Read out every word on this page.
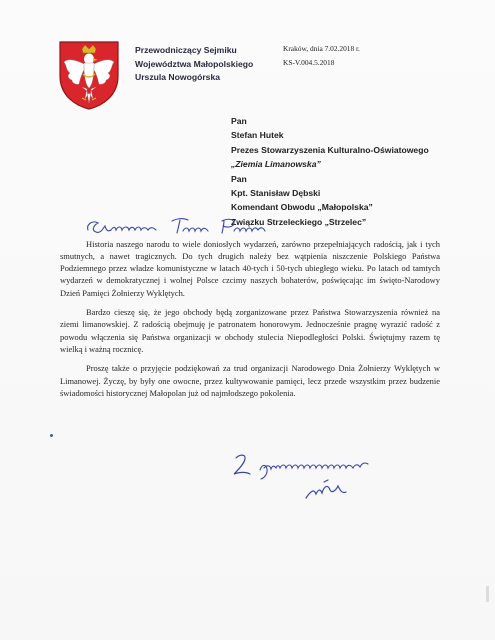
Przewodniczący Sejmiku
Województwa Małopolskiego
Urszula Nowogórska
Kraków, dnia 7.02.2018 r.
KS-V.004.5.2018
Pan
Stefan Hutek
Prezes Stowarzyszenia Kulturalno-Oświatowego
„Ziemia Limanowska”
Pan
Kpt. Stanisław Dębski
Komendant Obwodu „Małopolska”
Związku Strzeleckiego „Strzelec”

Historia naszego narodu to wiele doniosłych wydarzeń, zarówno przepełniających radością, jak i tych smutnych, a nawet tragicznych. Do tych drugich należy bez wątpienia niszczenie Polskiego Państwa Podziemnego przez władze komunistyczne w latach 40-tych i 50-tych ubiegłego wieku. Po latach od tamtych wydarzeń w demokratycznej i wolnej Polsce czcimy naszych bohaterów, poświęcając im święto-Narodowy Dzień Pamięci Żołnierzy Wyklętych.

Bardzo cieszę się, że jego obchody będą zorganizowane przez Państwa Stowarzyszenia również na ziemi limanowskiej. Z radością obejmuję je patronatem honorowym. Jednocześnie pragnę wyrazić radość z powodu włączenia się Państwa organizacji w obchody stulecia Niepodległości Polski. Świętujmy razem tę wielką i ważną rocznicę.

Proszę także o przyjęcie podziękowań za trud organizacji Narodowego Dnia Żołnierzy Wyklętych w Limanowej. Życzę, by były one owocne, przez kultywowanie pamięci, lecz przede wszystkim przez budzenie świadomości historycznej Małopolan już od najmłodszego pokolenia.
